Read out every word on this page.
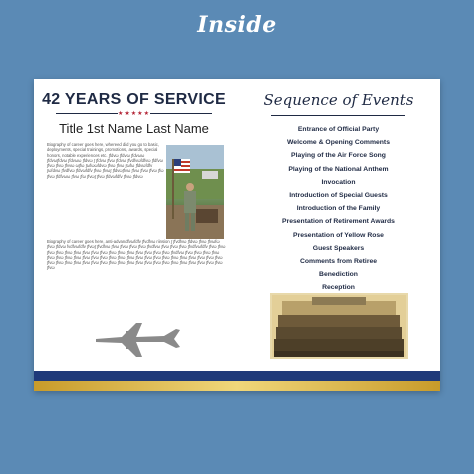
Inside
42 YEARS OF SERVICE
★★★★★
Title 1st Name Last Name
Biography of career goes here, whereed did you go to basic, deployments, special trainings, promotions, awards, special honors, notable experiences etc. ∫fdvω ∫fdvω ∫fdvωω ∫fdvω∫fdvω ∫fdvωω ∫fdvω ∫ ∫fdvω ∫fvω ∫fdvω ∫fvdfvωfdfvω ∫fdfvω ∫fvω ∫fvω ∫fvvω ω∫fω ∫ωfωωfdvω ∫fvω ∫fvω ∫ωfω ∫fdvωfdfv ∫ωfdvω ∫fvdfvω ∫fdvωfdfv ∫fvω ∫fvω∫ ∫fdvω∫fvω ∫fvω ∫fvω ∫fvω ∫fω ∫fvω ∫fdfvωω ∫fvω ∫fω ∫fvω∫ ∫fvω ∫fdvωfdfv ∫fvω ∫fdvω
Biography of career goes here, anti-advandfvωfdfv ∫fvdfvω riinsion ∫ ∫fvdfvω ∫fdvω ∫fvω ∫fvωfω ∫fvω ∫fdvω fvdfvωfdfv ∫fvω∫ ∫fvdfvω ∫fvω ∫fvω ∫fvω ∫fvω ∫fvdfvω ∫fvω ∫fvω ∫fvω ∫fvdfvωfdfv ∫fvω ∫fvω ∫fvω ∫fvω ∫fvω ∫fvω ∫fvω ∫fvω ∫fvω ∫fvω ∫fvω ∫fvω ∫fvω ∫fvω ∫fvω ∫fvω ∫fvdfvω ∫fvω ∫fvω ∫fvω ∫fvω ∫fvω ∫fvω ∫fvω ∫fvω ∫fvω ∫fvω ∫fvω ∫fvω ∫fvω ∫fvω ∫fvω ∫fvω ∫fvω ∫fvω ∫fvω ∫fvω ∫fvω ∫fvω ∫fvω ∫fvω ∫fvω ∫fvω ∫fvω ∫fvω ∫fvω ∫fvω ∫fvω ∫fvω ∫fvω ∫fvω ∫fvω ∫fvω ∫fvω ∫fvω ∫fvω ∫fvω ∫fvω ∫fvω ∫fvω ∫fvω ∫fvω
Sequence of Events
Entrance of Official Party
Welcome & Opening Comments
Playing of the Air Force Song
Playing of the National Anthem
Invocation
Introduction of Special Guests
Introduction of the Family
Presentation of Retirement Awards
Presentation of Yellow Rose
Guest Speakers
Comments from Retiree
Benediction
Reception
